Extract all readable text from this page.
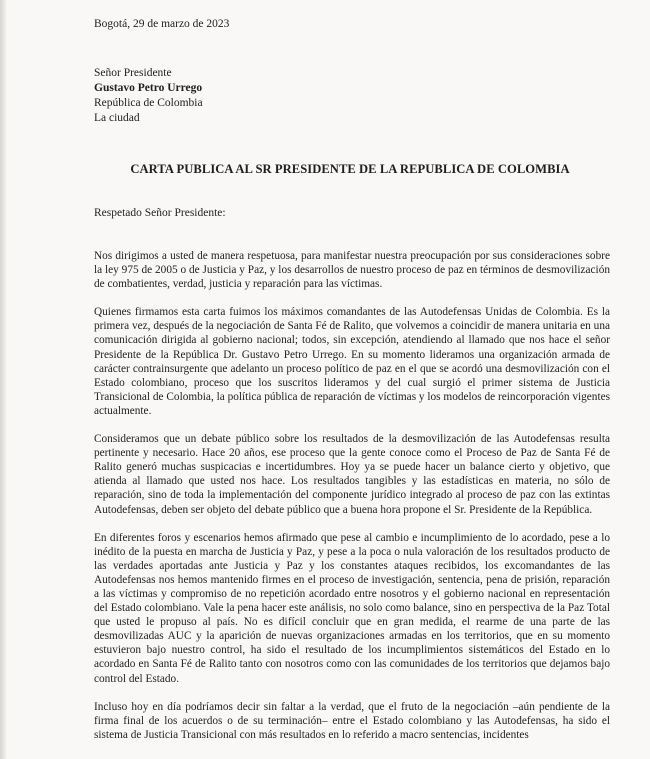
Bogotá, 29 de marzo de 2023
Señor Presidente
Gustavo Petro Urrego
República de Colombia
La ciudad
CARTA PUBLICA AL SR PRESIDENTE DE LA REPUBLICA DE COLOMBIA
Respetado Señor Presidente:

Nos dirigimos a usted de manera respetuosa, para manifestar nuestra preocupación por sus consideraciones sobre la ley 975 de 2005 o de Justicia y Paz, y los desarrollos de nuestro proceso de paz en términos de desmovilización de combatientes, verdad, justicia y reparación para las víctimas.

Quienes firmamos esta carta fuimos los máximos comandantes de las Autodefensas Unidas de Colombia. Es la primera vez, después de la negociación de Santa Fé de Ralito, que volvemos a coincidir de manera unitaria en una comunicación dirigida al gobierno nacional; todos, sin excepción, atendiendo al llamado que nos hace el señor Presidente de la República Dr. Gustavo Petro Urrego. En su momento lideramos una organización armada de carácter contrainsurgente que adelanto un proceso político de paz en el que se acordó una desmovilización con el Estado colombiano, proceso que los suscritos lideramos y del cual surgió el primer sistema de Justicia Transicional de Colombia, la política pública de reparación de víctimas y los modelos de reincorporación vigentes actualmente.

Consideramos que un debate público sobre los resultados de la desmovilización de las Autodefensas resulta pertinente y necesario. Hace 20 años, ese proceso que la gente conoce como el Proceso de Paz de Santa Fé de Ralito generó muchas suspicacias e incertidumbres. Hoy ya se puede hacer un balance cierto y objetivo, que atienda al llamado que usted nos hace. Los resultados tangibles y las estadísticas en materia, no sólo de reparación, sino de toda la implementación del componente jurídico integrado al proceso de paz con las extintas Autodefensas, deben ser objeto del debate público que a buena hora propone el Sr. Presidente de la República.

En diferentes foros y escenarios hemos afirmado que pese al cambio e incumplimiento de lo acordado, pese a lo inédito de la puesta en marcha de Justicia y Paz, y pese a la poca o nula valoración de los resultados producto de las verdades aportadas ante Justicia y Paz y los constantes ataques recibidos, los excomandantes de las Autodefensas nos hemos mantenido firmes en el proceso de investigación, sentencia, pena de prisión, reparación a las víctimas y compromiso de no repetición acordado entre nosotros y el gobierno nacional en representación del Estado colombiano. Vale la pena hacer este análisis, no solo como balance, sino en perspectiva de la Paz Total que usted le propuso al país. No es difícil concluir que en gran medida, el rearme de una parte de las desmovilizadas AUC y la aparición de nuevas organizaciones armadas en los territorios, que en su momento estuvieron bajo nuestro control, ha sido el resultado de los incumplimientos sistemáticos del Estado en lo acordado en Santa Fé de Ralito tanto con nosotros como con las comunidades de los territorios que dejamos bajo control del Estado.

Incluso hoy en día podríamos decir sin faltar a la verdad, que el fruto de la negociación –aún pendiente de la firma final de los acuerdos o de su terminación– entre el Estado colombiano y las Autodefensas, ha sido el sistema de Justicia Transicional con más resultados en lo referido a macro sentencias, incidentes
